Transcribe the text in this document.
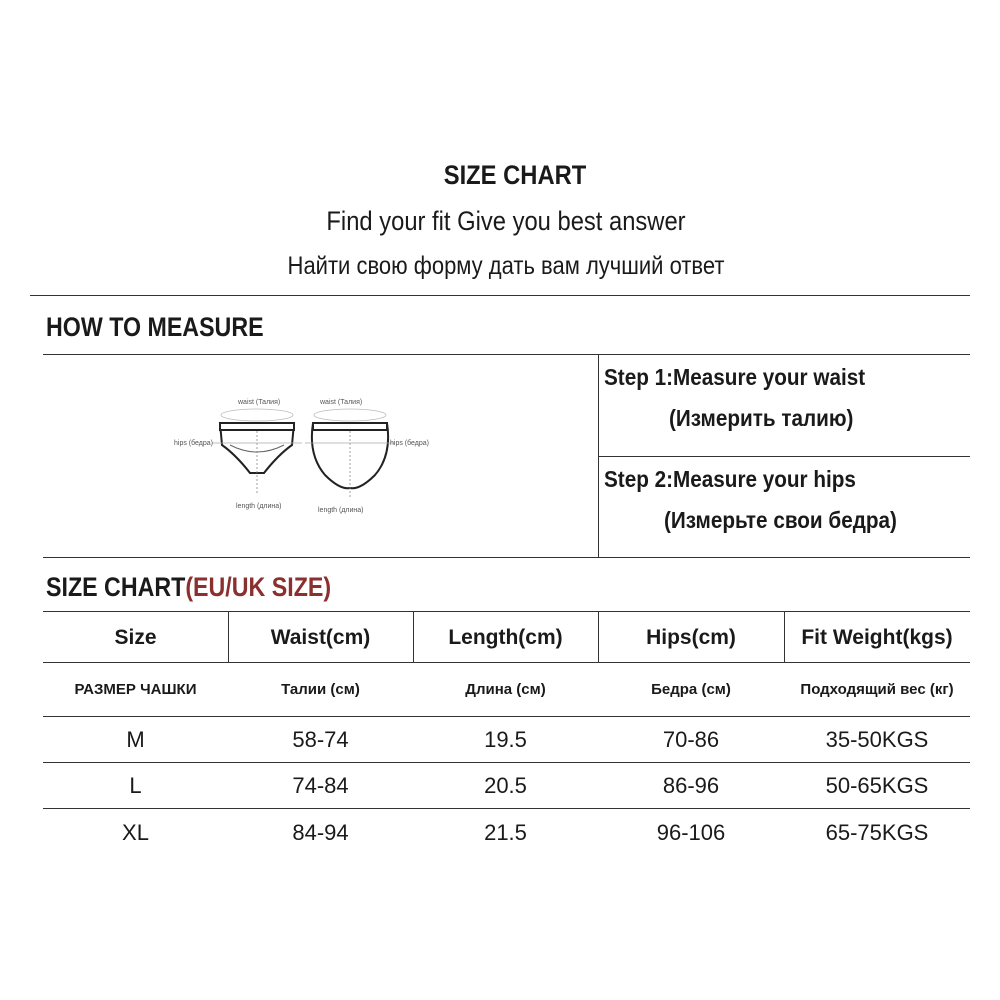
SIZE CHART
Find your fit Give you best answer
Найти свою форму дать вам лучший ответ
HOW TO MEASURE
waist (Талия)	waist (Талия)
hips (бедра)	hips (бедра)
length (длина)
length (длина)
Step 1:Measure your waist
(Измерить талию)
Step 2:Measure your hips
(Измерьте свои бедра)
SIZE CHART(EU/UK SIZE)
Size	Waist(cm)	Length(cm)	Hips(cm)	Fit Weight(kgs)
РАЗМЕР ЧАШКИ	Талии (см)	Длина (см)	Бедра (см)	Подходящий вес (кг)
M	58-74	19.5	70-86	35-50KGS
L	74-84	20.5	86-96	50-65KGS
XL	84-94	21.5	96-106	65-75KGS
